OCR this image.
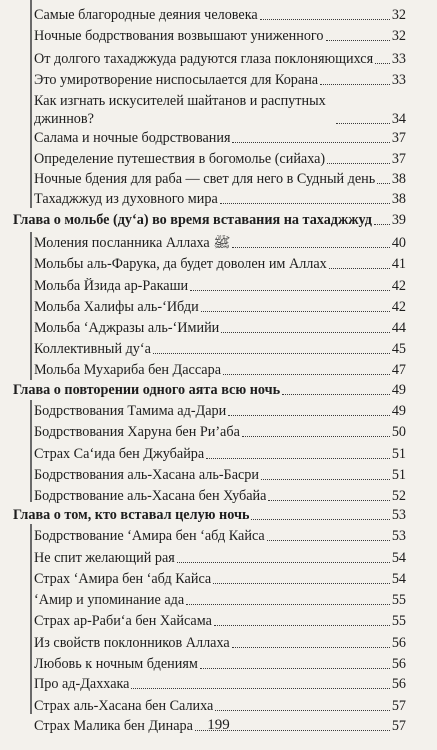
Самые благородные деяния человека	32
Ночные бодрствования возвышают униженного	32
От долгого тахаджжуда радуются глаза поклоняющихся 33
Это умиротворение ниспосылается для Корана	33
Как изгнать искусителей шайтанов и распутных джиннов?	34
Салама и ночные бодрствования	37
Определение путешествия в богомолье (сийаха)	37
Ночные бдения для раба — свет для него в Судный день 38
Тахаджжуд из духовного мира	38
Глава о мольбе (ду‘а) во время вставания на тахаджжуд 39
Моления посланника Аллаха ﷺ	40
Мольбы аль-Фарука, да будет доволен им Аллах	41
Мольба Йзида ар-Ракаши	42
Мольба Халифы аль-‘Ибди	42
Мольба ‘Аджразы аль-‘Имийи	44
Коллективный ду‘а	45
Мольба Мухариба бен Дассара	47
Глава о повторении одного аята всю ночь	49
Бодрствования Тамима ад-Дари	49
Бодрствования Харуна бен Ри’аба	50
Страх Са‘ида бен Джубайра	51
Бодрствования аль-Хасана аль-Басри	51
Бодрствование аль-Хасана бен Хубайа	52
Глава о том, кто вставал целую ночь	53
Бодрствование ‘Амира бен ‘абд Кайса	53
Не спит желающий рая	54
Страх ‘Амира бен ‘абд Кайса	54
‘Амир и упоминание ада	55
Страх ар-Раби‘а бен Хайсама	55
Из свойств поклонников Аллаха	56
Любовь к ночным бдениям	56
Про ад-Даххака	56
Страх аль-Хасана бен Салиха	57
Страх Малика бен Динара	57
199
